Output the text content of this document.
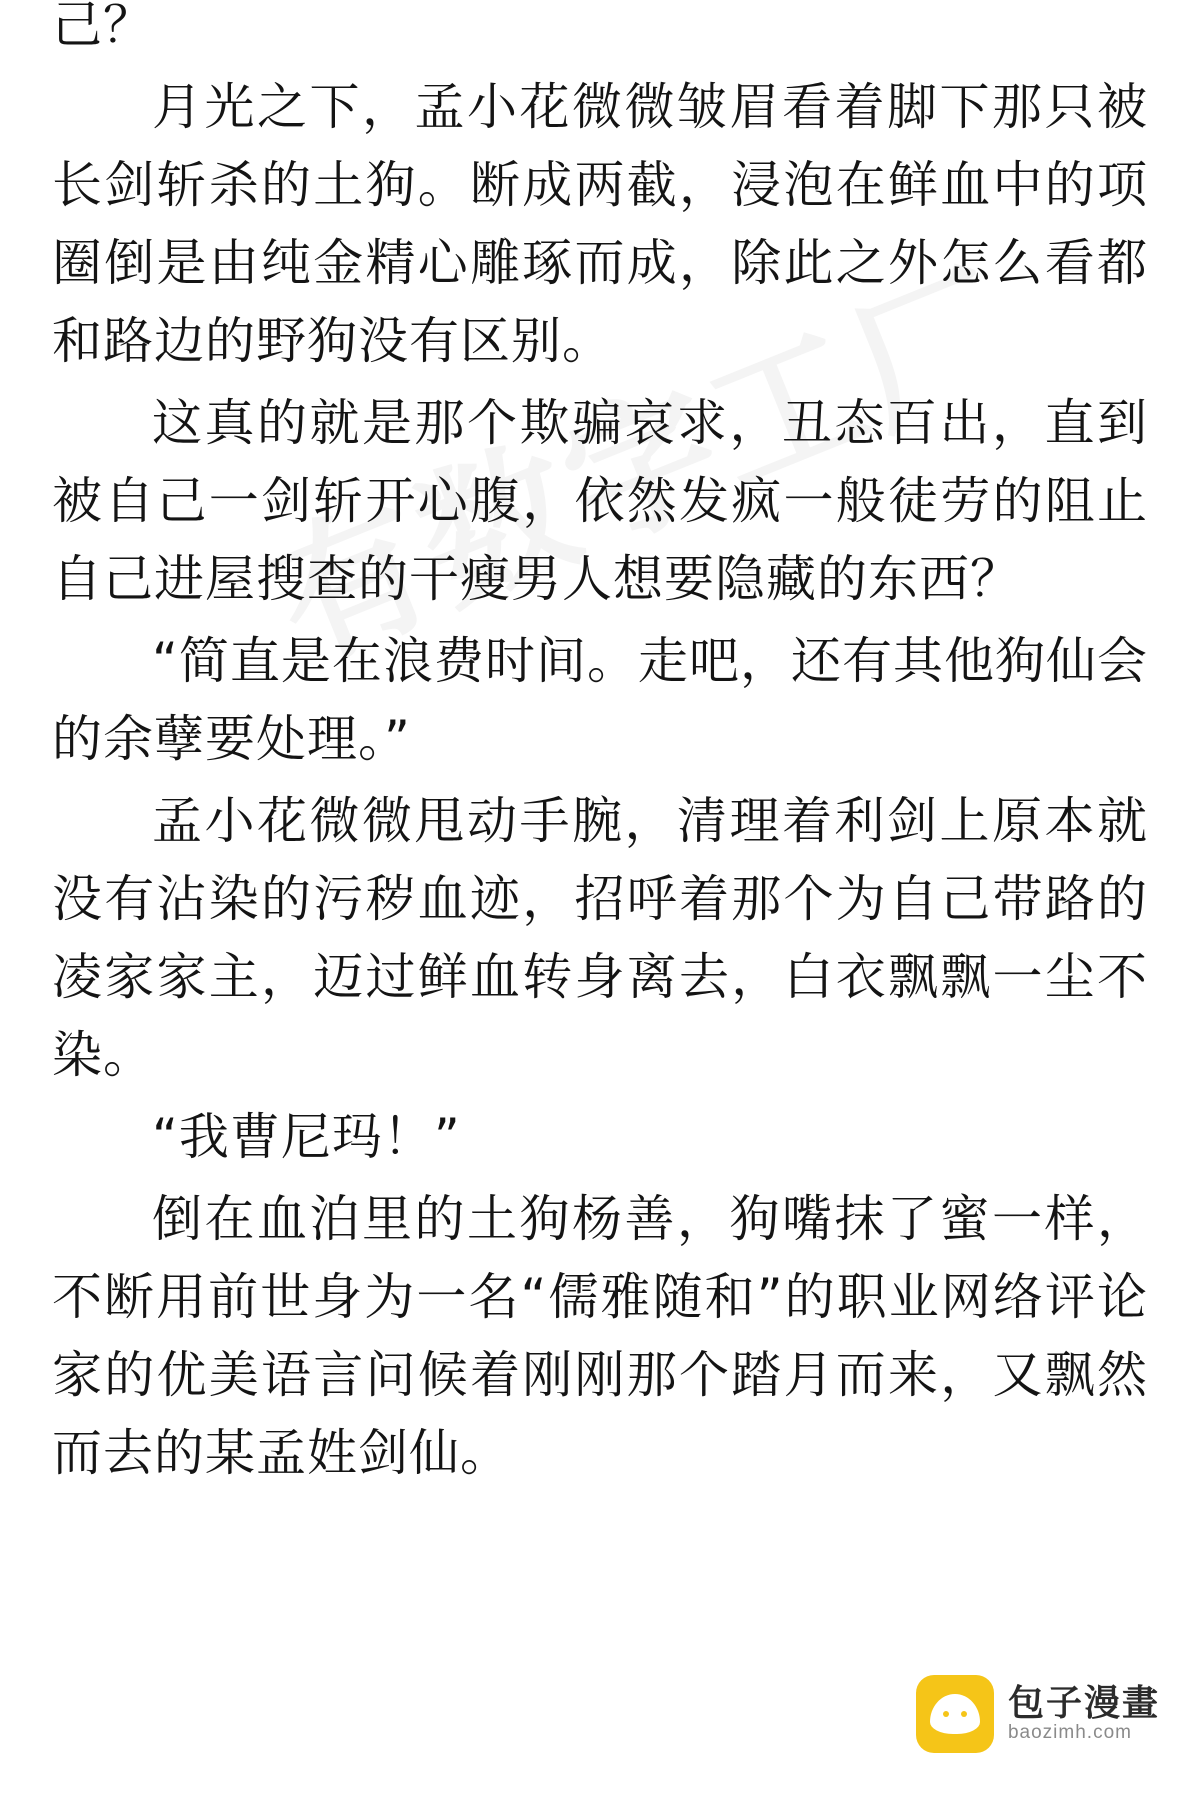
己？

月光之下，孟小花微微皱眉看着脚下那只被长剑斩杀的土狗。断成两截，浸泡在鲜血中的项圈倒是由纯金精心雕琢而成，除此之外怎么看都和路边的野狗没有区别。

这真的就是那个欺骗哀求，丑态百出，直到被自己一剑斩开心腹，依然发疯一般徒劳的阻止自己进屋搜查的干瘦男人想要隐藏的东西？

“简直是在浪费时间。走吧，还有其他狗仙会的余孽要处理。”

孟小花微微甩动手腕，清理着利剑上原本就没有沾染的污秽血迹，招呼着那个为自己带路的凌家家主，迈过鲜血转身离去，白衣飘飘一尘不染。

“我曹尼玛！”

倒在血泊里的土狗杨善，狗嘴抹了蜜一样，不断用前世身为一名“儒雅随和”的职业网络评论家的优美语言问候着刚刚那个踏月而来，又飘然而去的某孟姓剑仙。

包子漫畫
baozimh.com
